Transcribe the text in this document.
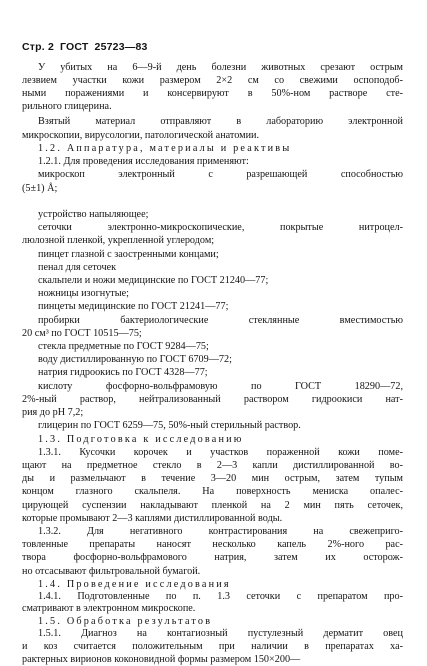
Стр. 2 ГОСТ 25723—83
У убитых на 6—9-й день болезни животных срезают острым
лезвием участки кожи размером 2×2 см со свежими оспоподоб-
ными поражениями и консервируют в 50%-ном растворе сте-
рильного глицерина.
Взятый материал отправляют в лабораторию электронной
микроскопии, вирусологии, патологической анатомии.
1.2. Аппаратура, материалы и реактивы
1.2.1. Для проведения исследования применяют:
микроскоп электронный с разрешающей способностью
(5±1) Å;
устройство напыляющее;
сеточки электронно-микроскопические, покрытые нитроцел-
люлозной пленкой, укрепленной углеродом;
пинцет глазной с заостренными концами;
пенал для сеточек
скальпели и ножи медицинские по ГОСТ 21240—77;
ножницы изогнутые;
пинцеты медицинские по ГОСТ 21241—77;
пробирки бактериологические стеклянные вместимостью
20 см³ по ГОСТ 10515—75;
стекла предметные по ГОСТ 9284—75;
воду дистиллированную по ГОСТ 6709—72;
натрия гидроокись по ГОСТ 4328—77;
кислоту фосфорно-вольфрамовую по ГОСТ 18290—72,
2%-ный раствор, нейтрализованный раствором гидроокиси нат-
рия до pH 7,2;
глицерин по ГОСТ 6259—75, 50%-ный стерильный раствор.
1.3. Подготовка к исследованию
1.3.1. Кусочки корочек и участков пораженной кожи поме-
щают на предметное стекло в 2—3 капли дистиллированной во-
ды и размельчают в течение 3—20 мин острым, затем тупым
концом глазного скальпеля. На поверхность мениска опалес-
цирующей суспензии накладывают пленкой на 2 мин пять сеточек,
которые промывают 2—3 каплями дистиллированной воды.
1.3.2. Для негативного контрастирования на свежеприго-
товленные препараты наносят несколько капель 2%-ного рас-
твора фосфорно-вольфрамового натрия, затем их осторож-
но отсасывают фильтровальной бумагой.
1.4. Проведение исследования
1.4.1. Подготовленные по п. 1.3 сеточки с препаратом про-
сматривают в электронном микроскопе.
1.5. Обработка результатов
1.5.1. Диагноз на контагиозный пустулезный дерматит овец
и коз считается положительным при наличии в препаратах ха-
рактерных вирионов коконовидной формы размером 150×200—
